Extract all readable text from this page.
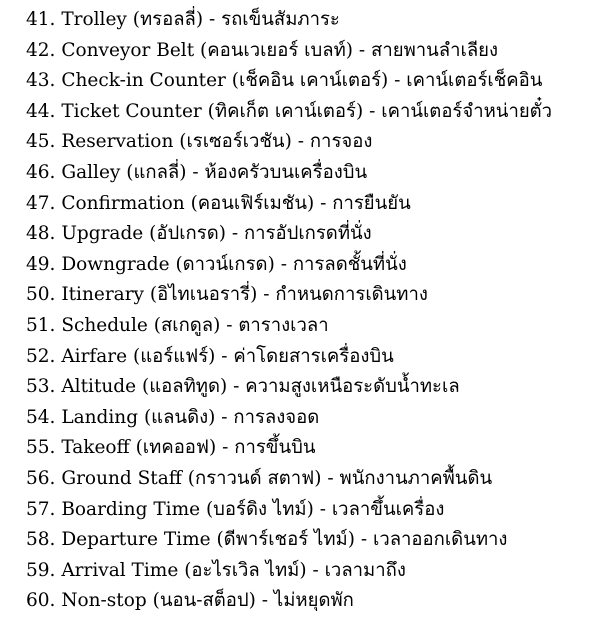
41. Trolley (ทรอลลี่) - รถเข็นสัมภาระ
42. Conveyor Belt (คอนเวเยอร์ เบลท์) - สายพานลำเลียง
43. Check-in Counter (เช็คอิน เคาน์เตอร์) - เคาน์เตอร์เช็คอิน
44. Ticket Counter (ทิคเก็ต เคาน์เตอร์) - เคาน์เตอร์จำหน่ายตั๋ว
45. Reservation (เรเซอร์เวชัน) - การจอง
46. Galley (แกลลี่) - ห้องครัวบนเครื่องบิน
47. Confirmation (คอนเฟิร์เมชัน) - การยืนยัน
48. Upgrade (อัปเกรด) - การอัปเกรดที่นั่ง
49. Downgrade (ดาวน์เกรด) - การลดชั้นที่นั่ง
50. Itinerary (อิไทเนอรารี่) - กำหนดการเดินทาง
51. Schedule (สเกดูล) - ตารางเวลา
52. Airfare (แอร์แฟร์) - ค่าโดยสารเครื่องบิน
53. Altitude (แอลทิทูด) - ความสูงเหนือระดับน้ำทะเล
54. Landing (แลนดิง) - การลงจอด
55. Takeoff (เทคออฟ) - การขึ้นบิน
56. Ground Staff (กราวนด์ สตาฟ) - พนักงานภาคพื้นดิน
57. Boarding Time (บอร์ดิง ไทม์) - เวลาขึ้นเครื่อง
58. Departure Time (ดีพาร์เชอร์ ไทม์) - เวลาออกเดินทาง
59. Arrival Time (อะไรเวิล ไทม์) - เวลามาถึง
60. Non-stop (นอน-สต็อป) - ไม่หยุดพัก
